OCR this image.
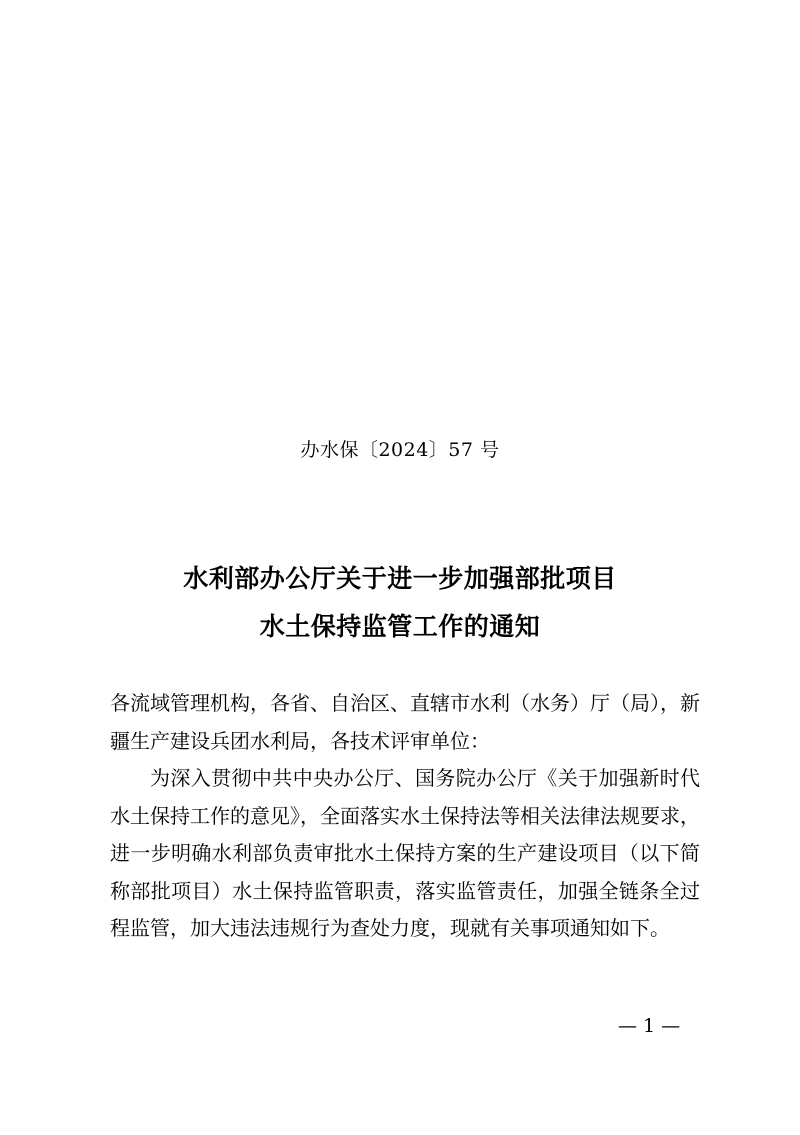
办水保〔2024〕57 号
水利部办公厅关于进一步加强部批项目
水土保持监管工作的通知

各流域管理机构，各省、自治区、直辖市水利（水务）厅（局），新疆生产建设兵团水利局，各技术评审单位：

为深入贯彻中共中央办公厅、国务院办公厅《关于加强新时代水土保持工作的意见》，全面落实水土保持法等相关法律法规要求，进一步明确水利部负责审批水土保持方案的生产建设项目（以下简称部批项目）水土保持监管职责，落实监管责任，加强全链条全过程监管，加大违法违规行为查处力度，现就有关事项通知如下。

— 1 —
